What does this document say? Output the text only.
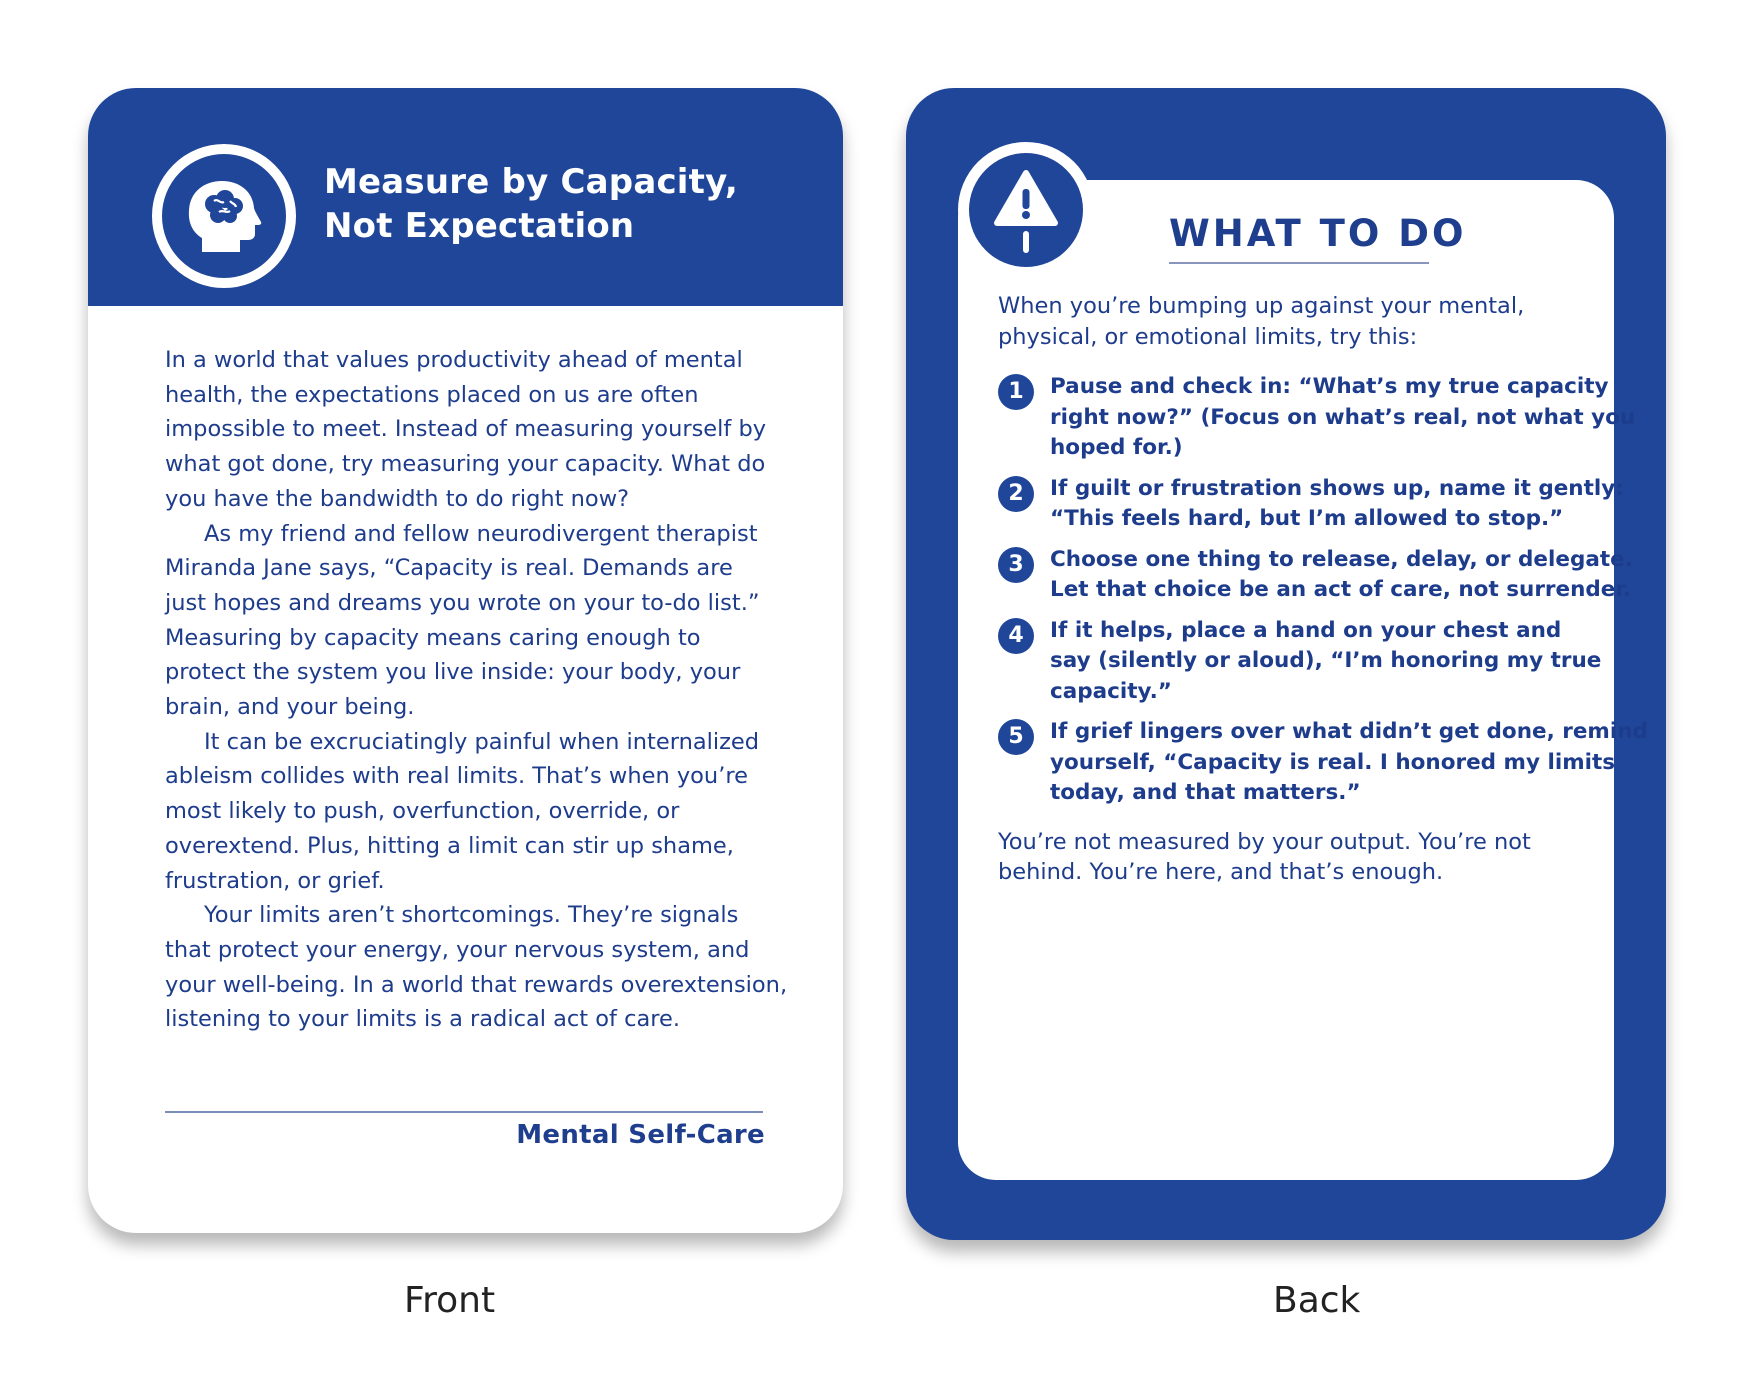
Measure by Capacity,
Not Expectation
In a world that values productivity ahead of mental
health, the expectations placed on us are often
impossible to meet. Instead of measuring yourself by
what got done, try measuring your capacity. What do
you have the bandwidth to do right now?
As my friend and fellow neurodivergent therapist
Miranda Jane says, “Capacity is real. Demands are
just hopes and dreams you wrote on your to-do list.”
Measuring by capacity means caring enough to
protect the system you live inside: your body, your
brain, and your being.
It can be excruciatingly painful when internalized
ableism collides with real limits. That’s when you’re
most likely to push, overfunction, override, or
overextend. Plus, hitting a limit can stir up shame,
frustration, or grief.
Your limits aren’t shortcomings. They’re signals
that protect your energy, your nervous system, and
your well-being. In a world that rewards overextension,
listening to your limits is a radical act of care.
Mental Self-Care
WHAT TO DO
When you’re bumping up against your mental,
physical, or emotional limits, try this:
1	Pause and check in: “What’s my true capacity
right now?” (Focus on what’s real, not what you
hoped for.)
2	If guilt or frustration shows up, name it gently:
“This feels hard, but I’m allowed to stop.”
3	Choose one thing to release, delay, or delegate.
Let that choice be an act of care, not surrender.
4	If it helps, place a hand on your chest and
say (silently or aloud), “I’m honoring my true
capacity.”
5	If grief lingers over what didn’t get done, remind
yourself, “Capacity is real. I honored my limits
today, and that matters.”
You’re not measured by your output. You’re not
behind. You’re here, and that’s enough.
Front	Back
